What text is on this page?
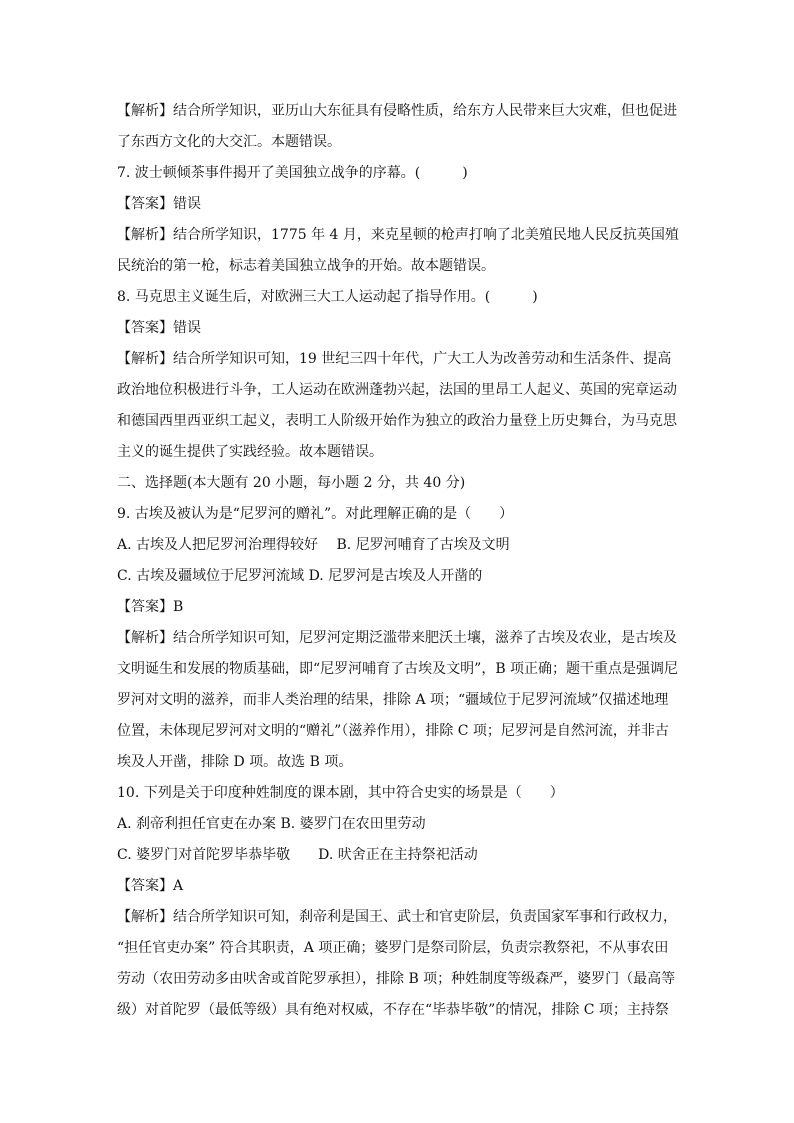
【解析】结合所学知识，亚历山大东征具有侵略性质，给东方人民带来巨大灾难，但也促进
了东西方文化的大交汇。本题错误。
7. 波士顿倾茶事件揭开了美国独立战争的序幕。(　　　)
【答案】错误
【解析】结合所学知识，1775 年 4 月，来克星顿的枪声打响了北美殖民地人民反抗英国殖
民统治的第一枪，标志着美国独立战争的开始。故本题错误。
8. 马克思主义诞生后，对欧洲三大工人运动起了指导作用。(　　　)
【答案】错误
【解析】结合所学知识可知，19 世纪三四十年代，广大工人为改善劳动和生活条件、提高
政治地位积极进行斗争，工人运动在欧洲蓬勃兴起，法国的里昂工人起义、英国的宪章运动
和德国西里西亚织工起义，表明工人阶级开始作为独立的政治力量登上历史舞台，为马克思
主义的诞生提供了实践经验。故本题错误。
二、选择题(本大题有 20 小题，每小题 2 分，共 40 分)
9. 古埃及被认为是“尼罗河的赠礼”。对此理解正确的是（　　）
A. 古埃及人把尼罗河治理得较好　 B. 尼罗河哺育了古埃及文明
C. 古埃及疆域位于尼罗河流域 D. 尼罗河是古埃及人开凿的
【答案】B
【解析】结合所学知识可知，尼罗河定期泛滥带来肥沃土壤，滋养了古埃及农业，是古埃及
文明诞生和发展的物质基础，即“尼罗河哺育了古埃及文明”，B 项正确；题干重点是强调尼
罗河对文明的滋养，而非人类治理的结果，排除 A 项；“疆域位于尼罗河流域”仅描述地理
位置，未体现尼罗河对文明的“赠礼”（滋养作用），排除 C 项；尼罗河是自然河流，并非古
埃及人开凿，排除 D 项。故选 B 项。
10. 下列是关于印度种姓制度的课本剧，其中符合史实的场景是（　　）
A. 刹帝利担任官吏在办案 B. 婆罗门在农田里劳动
C. 婆罗门对首陀罗毕恭毕敬　　D. 吠舍正在主持祭祀活动
【答案】A
【解析】结合所学知识可知，刹帝利是国王、武士和官吏阶层，负责国家军事和行政权力，
“担任官吏办案” 符合其职责，A 项正确；婆罗门是祭司阶层，负责宗教祭祀，不从事农田
劳动（农田劳动多由吠舍或首陀罗承担），排除 B 项；种姓制度等级森严，婆罗门（最高等
级）对首陀罗（最低等级）具有绝对权威，不存在“毕恭毕敬”的情况，排除 C 项；主持祭
